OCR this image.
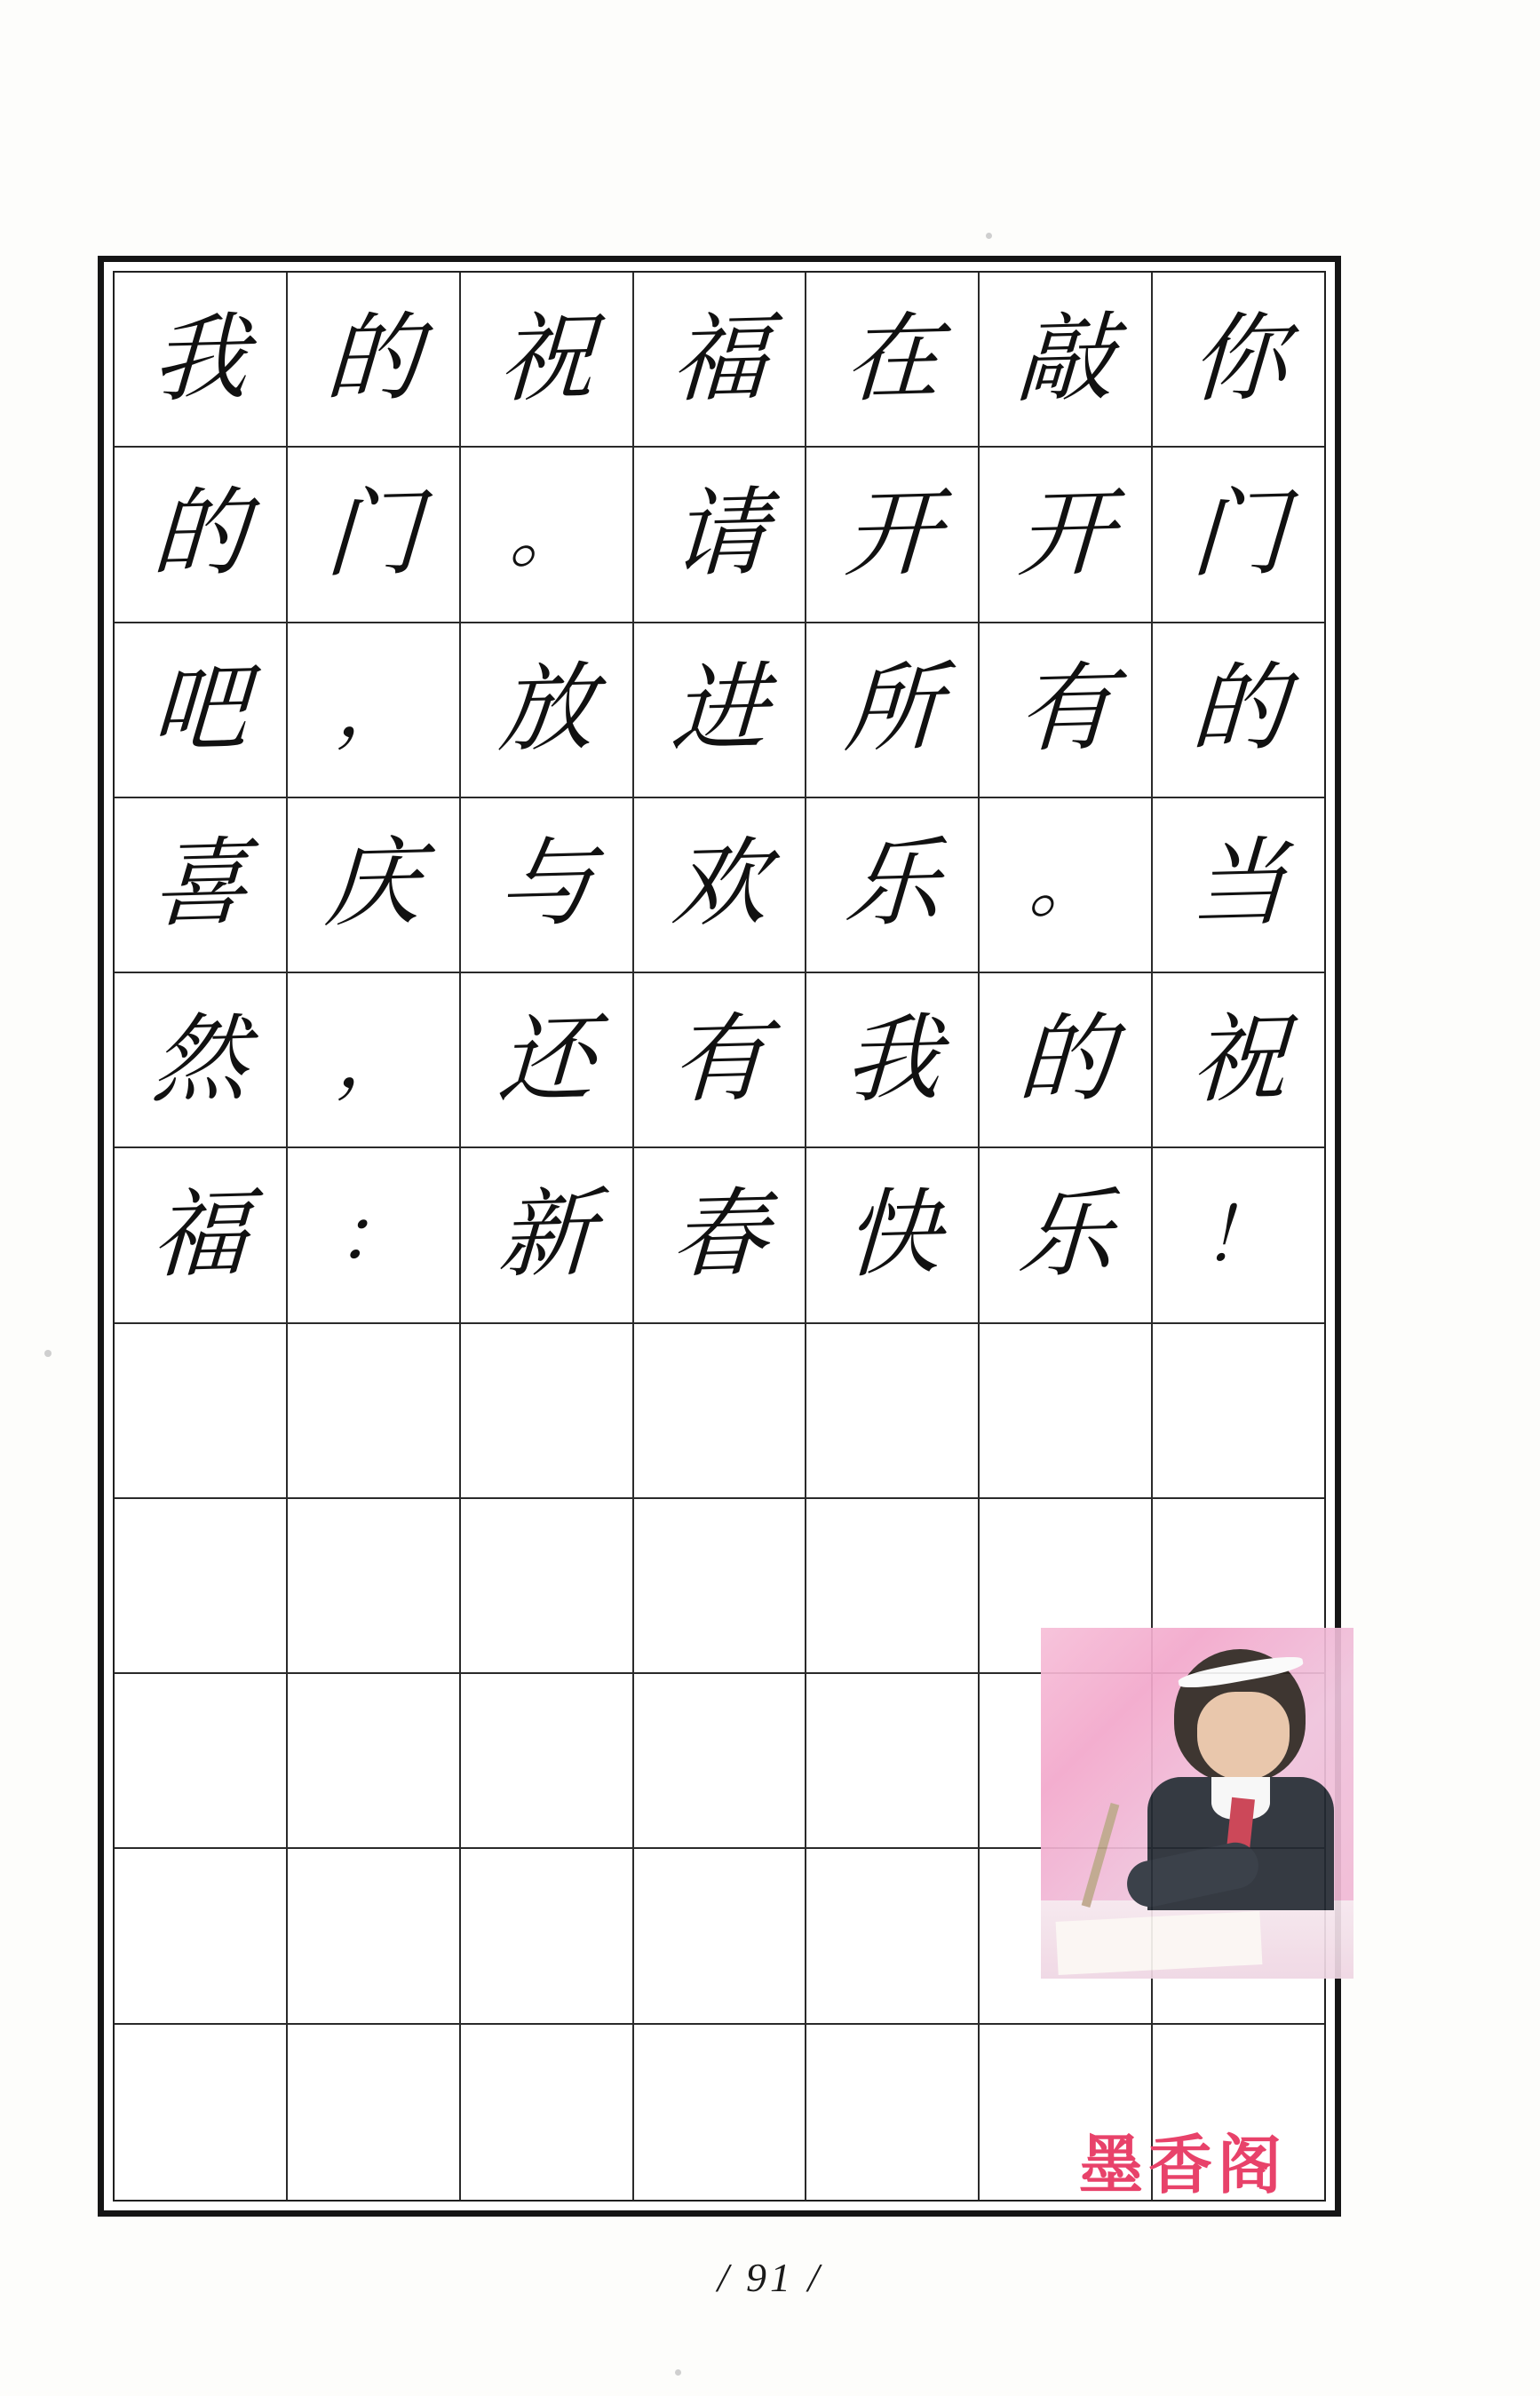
我 的 祝 福 在 敲 你
的 门 。 请 开 开 门
吧 ， 放 进 所 有 的
喜 庆 与 欢 乐 。 当
然 ， 还 有 我 的 祝
福 ： 新 春 快 乐 ！
墨香阁
/ 91 /
